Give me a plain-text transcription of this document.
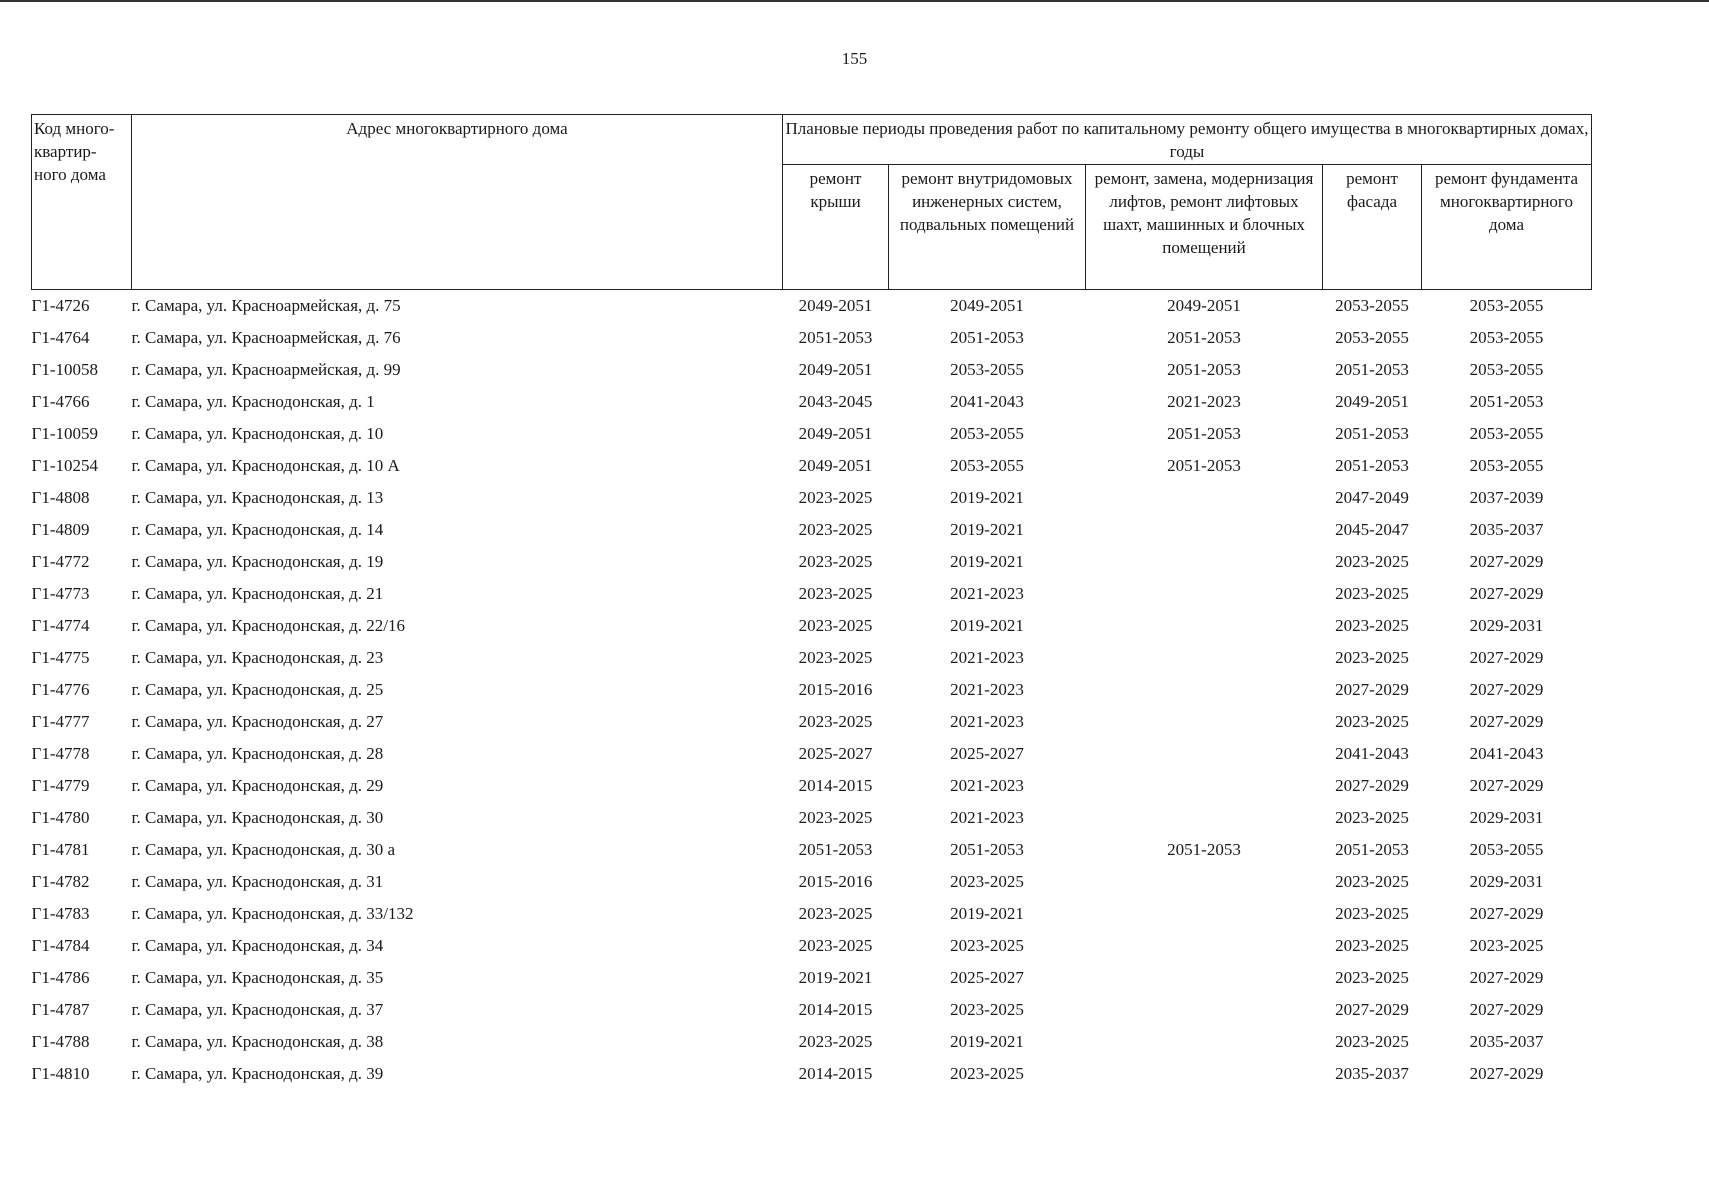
155
Код много-квартир-ного дома	Адрес многоквартирного дома	Плановые периоды проведения работ по капитальному ремонту общего имущества в многоквартирных домах, годы				
		ремонт крыши	ремонт внутридомовых инженерных систем, подвальных помещений	ремонт, замена, модернизация лифтов, ремонт лифтовых шахт, машинных и блочных помещений	ремонт фасада	ремонт фундамента многоквартирного дома
Г1-4726	г. Самара, ул. Красноармейская, д. 75	2049-2051	2049-2051	2049-2051	2053-2055	2053-2055
Г1-4764	г. Самара, ул. Красноармейская, д. 76	2051-2053	2051-2053	2051-2053	2053-2055	2053-2055
Г1-10058	г. Самара, ул. Красноармейская, д. 99	2049-2051	2053-2055	2051-2053	2051-2053	2053-2055
Г1-4766	г. Самара, ул. Краснодонская, д. 1	2043-2045	2041-2043	2021-2023	2049-2051	2051-2053
Г1-10059	г. Самара, ул. Краснодонская, д. 10	2049-2051	2053-2055	2051-2053	2051-2053	2053-2055
Г1-10254	г. Самара, ул. Краснодонская, д. 10 А	2049-2051	2053-2055	2051-2053	2051-2053	2053-2055
Г1-4808	г. Самара, ул. Краснодонская, д. 13	2023-2025	2019-2021		2047-2049	2037-2039
Г1-4809	г. Самара, ул. Краснодонская, д. 14	2023-2025	2019-2021		2045-2047	2035-2037
Г1-4772	г. Самара, ул. Краснодонская, д. 19	2023-2025	2019-2021		2023-2025	2027-2029
Г1-4773	г. Самара, ул. Краснодонская, д. 21	2023-2025	2021-2023		2023-2025	2027-2029
Г1-4774	г. Самара, ул. Краснодонская, д. 22/16	2023-2025	2019-2021		2023-2025	2029-2031
Г1-4775	г. Самара, ул. Краснодонская, д. 23	2023-2025	2021-2023		2023-2025	2027-2029
Г1-4776	г. Самара, ул. Краснодонская, д. 25	2015-2016	2021-2023		2027-2029	2027-2029
Г1-4777	г. Самара, ул. Краснодонская, д. 27	2023-2025	2021-2023		2023-2025	2027-2029
Г1-4778	г. Самара, ул. Краснодонская, д. 28	2025-2027	2025-2027		2041-2043	2041-2043
Г1-4779	г. Самара, ул. Краснодонская, д. 29	2014-2015	2021-2023		2027-2029	2027-2029
Г1-4780	г. Самара, ул. Краснодонская, д. 30	2023-2025	2021-2023		2023-2025	2029-2031
Г1-4781	г. Самара, ул. Краснодонская, д. 30 а	2051-2053	2051-2053	2051-2053	2051-2053	2053-2055
Г1-4782	г. Самара, ул. Краснодонская, д. 31	2015-2016	2023-2025		2023-2025	2029-2031
Г1-4783	г. Самара, ул. Краснодонская, д. 33/132	2023-2025	2019-2021		2023-2025	2027-2029
Г1-4784	г. Самара, ул. Краснодонская, д. 34	2023-2025	2023-2025		2023-2025	2023-2025
Г1-4786	г. Самара, ул. Краснодонская, д. 35	2019-2021	2025-2027		2023-2025	2027-2029
Г1-4787	г. Самара, ул. Краснодонская, д. 37	2014-2015	2023-2025		2027-2029	2027-2029
Г1-4788	г. Самара, ул. Краснодонская, д. 38	2023-2025	2019-2021		2023-2025	2035-2037
Г1-4810	г. Самара, ул. Краснодонская, д. 39	2014-2015	2023-2025		2035-2037	2027-2029
